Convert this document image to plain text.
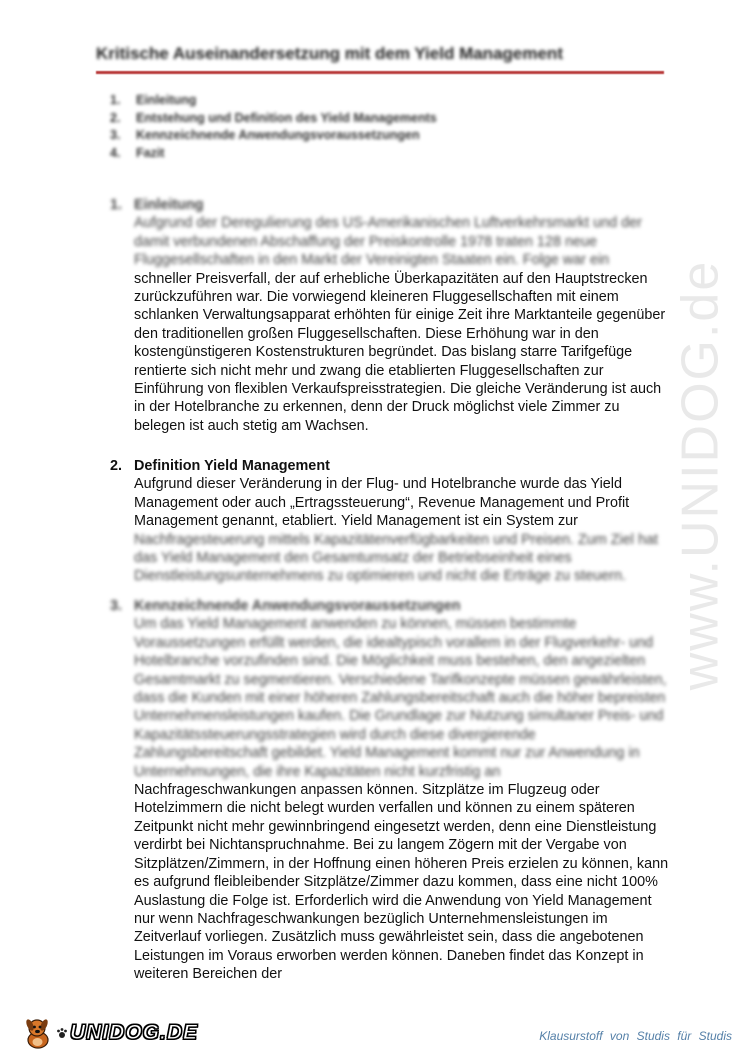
Kritische Auseinandersetzung mit dem Yield Management
1. Einleitung
2. Entstehung und Definition des Yield Managements
3. Kennzeichnende Anwendungsvoraussetzungen
4. Fazit
1. Einleitung
Aufgrund der Deregulierung des US-Amerikanischen Luftverkehrsmarkt und der damit verbundenen Abschaffung der Preiskontrolle 1978 traten 128 neue Fluggesellschaften in den Markt der Vereinigten Staaten ein. Folge war ein
schneller Preisverfall, der auf erhebliche Überkapazitäten auf den Hauptstrecken zurückzuführen war. Die vorwiegend kleineren Fluggesellschaften mit einem schlanken Verwaltungsapparat erhöhten für einige Zeit ihre Marktanteile gegenüber den traditionellen großen Fluggesellschaften. Diese Erhöhung war in den kostengünstigeren Kostenstrukturen begründet. Das bislang starre Tarifgefüge rentierte sich nicht mehr und zwang die etablierten Fluggesellschaften zur Einführung von flexiblen Verkaufspreisstrategien. Die gleiche Veränderung ist auch in der Hotelbranche zu erkennen, denn der Druck möglichst viele Zimmer zu belegen ist auch stetig am Wachsen.
2. Definition Yield Management
Aufgrund dieser Veränderung in der Flug- und Hotelbranche wurde das Yield Management oder auch „Ertragssteuerung“, Revenue Management und Profit Management genannt, etabliert. Yield Management ist ein System zur
Nachfragesteuerung mittels Kapazitätenverfügbarkeiten und Preisen. Zum Ziel hat das Yield Management den Gesamtumsatz der Betriebseinheit eines Dienstleistungsunternehmens zu optimieren und nicht die Erträge zu steuern.
3. Kennzeichnende Anwendungsvoraussetzungen
Um das Yield Management anwenden zu können, müssen bestimmte Voraussetzungen erfüllt werden, die idealtypisch vorallem in der Flugverkehr- und Hotelbranche vorzufinden sind. Die Möglichkeit muss bestehen, den angezielten Gesamtmarkt zu segmentieren. Verschiedene Tarifkonzepte müssen gewährleisten, dass die Kunden mit einer höheren Zahlungsbereitschaft auch die höher bepreisten Unternehmensleistungen kaufen. Die Grundlage zur Nutzung simultaner Preis- und Kapazitätssteuerungsstrategien wird durch diese divergierende Zahlungsbereitschaft gebildet. Yield Management kommt nur zur Anwendung in Unternehmungen, die ihre Kapazitäten nicht kurzfristig an
Nachfrageschwankungen anpassen können. Sitzplätze im Flugzeug oder Hotelzimmern die nicht belegt wurden verfallen und können zu einem späteren Zeitpunkt nicht mehr gewinnbringend eingesetzt werden, denn eine Dienstleistung verdirbt bei Nichtanspruchnahme. Bei zu langem Zögern mit der Vergabe von Sitzplätzen/Zimmern, in der Hoffnung einen höheren Preis erzielen zu können, kann es aufgrund fleibleibender Sitzplätze/Zimmer dazu kommen, dass eine nicht 100% Auslastung die Folge ist. Erforderlich wird die Anwendung von Yield Management nur wenn Nachfrageschwankungen bezüglich Unternehmensleistungen im Zeitverlauf vorliegen. Zusätzlich muss gewährleistet sein, dass die angebotenen Leistungen im Voraus erworben werden können. Daneben findet das Konzept in weiteren Bereichen der
www.UNIDOG.de
UNIDOG.DE	Klausurstoff von Studis für Studis
